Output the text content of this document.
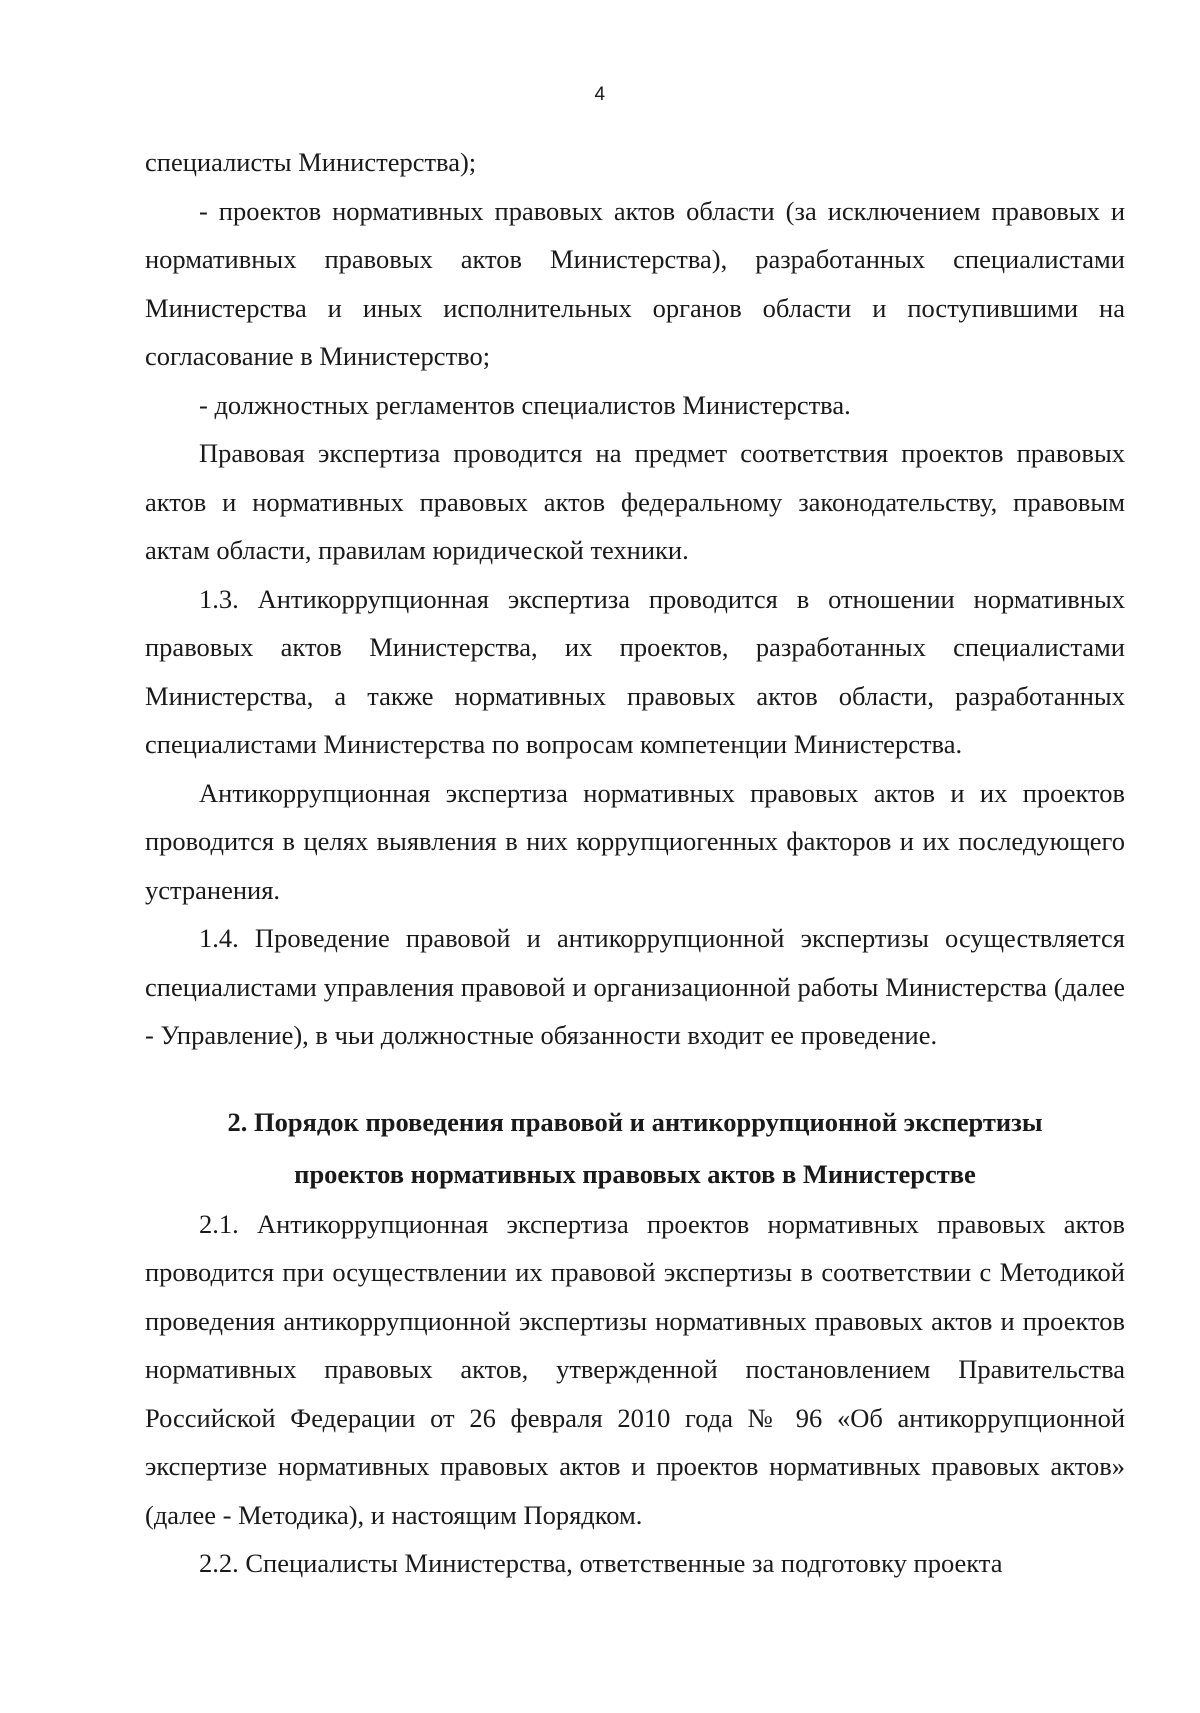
4

специалисты Министерства);

- проектов нормативных правовых актов области (за исключением правовых и нормативных правовых актов Министерства), разработанных специалистами Министерства и иных исполнительных органов области и поступившими на согласование в Министерство;

- должностных регламентов специалистов Министерства.

Правовая экспертиза проводится на предмет соответствия проектов правовых актов и нормативных правовых актов федеральному законодательству, правовым актам области, правилам юридической техники.

1.3. Антикоррупционная экспертиза проводится в отношении нормативных правовых актов Министерства, их проектов, разработанных специалистами Министерства, а также нормативных правовых актов области, разработанных специалистами Министерства по вопросам компетенции Министерства.

Антикоррупционная экспертиза нормативных правовых актов и их проектов проводится в целях выявления в них коррупциогенных факторов и их последующего устранения.

1.4. Проведение правовой и антикоррупционной экспертизы осуществляется специалистами управления правовой и организационной работы Министерства (далее - Управление), в чьи должностные обязанности входит ее проведение.

2. Порядок проведения правовой и антикоррупционной экспертизы

проектов нормативных правовых актов в Министерстве

2.1. Антикоррупционная экспертиза проектов нормативных правовых актов проводится при осуществлении их правовой экспертизы в соответствии с Методикой проведения антикоррупционной экспертизы нормативных правовых актов и проектов нормативных правовых актов, утвержденной постановлением Правительства Российской Федерации от 26 февраля 2010 года № 96 «Об антикоррупционной экспертизе нормативных правовых актов и проектов нормативных правовых актов» (далее - Методика), и настоящим Порядком.

2.2. Специалисты Министерства, ответственные за подготовку проекта
